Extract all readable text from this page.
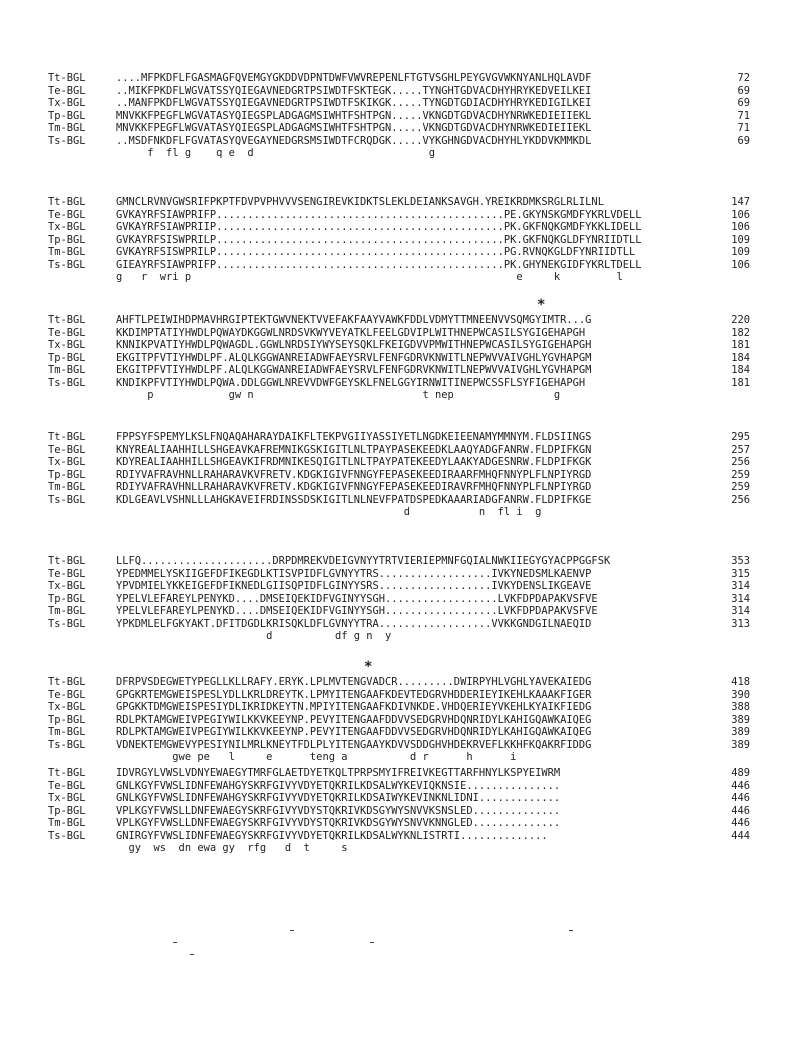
Tt-BGL	....MFPKDFLFGASMAGFQVEMGYGKDDVDPNTDWFVWVREPENLFTGTVSGHLPEYGVGVWKNYANLHQLAVDF	72
Te-BGL	..MIKFPKDFLWGVATSSYQIEGAVNEDGRTPSIWDTFSKTEGK.....TYNGHTGDVACDHYHRYKEDVEILKEI	69
Tx-BGL	..MANFPKDFLWGVATSSYQIEGAVNEDGRTPSIWDTFSKIKGK.....TYNGDTGDIACDHYHRYKEDIGILKEI	69
Tp-BGL	MNVKKFPEGFLWGVATASYQIEGSPLADGAGMSIWHTFSHTPGN.....VKNGDTGDVACDHYNRWKEDIEIIEKL	71
Tm-BGL	MNVKKFPEGFLWGVATASYQIEGSPLADGAGMSIWHTFSHTPGN.....VKNGDTGDVACDHYNRWKEDIEIIEKL	71
Ts-BGL	..MSDFNKDFLFGVATASYQVEGAYNEDGRSMSIWDTFCRQDGK.....VYKGHNGDVACDHYHLYKDDVKMMKDL	69
f  fl g    q e  d                            g
Tt-BGL	GMNCLRVNVGWSRIFPKPTFDVPVPHVVVSENGIREVKIDKTSLEKLDEIANKSAVGH.YREIKRDMKSRGLRLILNL	147
Te-BGL	GVKAYRFSIAWPRIFP..............................................PE.GKYNSKGMDFYKRLVDELL	106
Tx-BGL	GVKAYRFSIAWPRIIP..............................................PK.GKFNQKGMDFYKKLIDELL	106
Tp-BGL	GVKAYRFSISWPRILP..............................................PK.GKFNQKGLDFYNRIIDTLL	109
Tm-BGL	GVKAYRFSISWPRILP..............................................PG.RVNQKGLDFYNRIIDTLL	109
Ts-BGL	GIEAYRFSIAWPRIFP..............................................PK.GHYNEKGIDFYKRLTDELL	106
g   r  wri p                                                    e     k         l
*
Tt-BGL	AHFTLPEIWIHDPMAVHRGIPTEKTGWVNEKTVVEFAKFAAYVAWKFDDLVDMYTTMNEENVVSQMGYIMTR...G	220
Te-BGL	KKDIMPTATIYHWDLPQWAYDKGGWLNRDSVKWYVEYATKLFEELGDVIPLWITHNEPWCASILSYGIGEHAPGH	182
Tx-BGL	KNNIKPVATIYHWDLPQWAGDL.GGWLNRDSIYWYSEYSQKLFKEIGDVVPMWITHNEPWCASILSYGIGEHAPGH	181
Tp-BGL	EKGITPFVTIYHWDLPF.ALQLKGGWANREIADWFAEYSRVLFENFGDRVKNWITLNEPWVVAIVGHLYGVHAPGM	184
Tm-BGL	EKGITPFVTIYHWDLPF.ALQLKGGWANREIADWFAEYSRVLFENFGDRVKNWITLNEPWVVAIVGHLYGVHAPGM	184
Ts-BGL	KNDIKPFVTIYHWDLPQWA.DDLGGWLNREVVDWFGEYSKLFNELGGYIRNWITINEPWCSSFLSYFIGEHAPGH	181
p            gw n                           t nep                g
Tt-BGL	FPPSYFSPEMYLKSLFNQAQAHARAYDAIKFLTEKPVGIIYASSIYETLNGDKEIEENAMYMMNYM.FLDSIINGS	295
Te-BGL	KNYREALIAAHHILLSHGEAVKAFREMNIKGSKIGITLNLTPAYPASEKEEDKLAAQYADGFANRW.FLDPIFKGN	257
Tx-BGL	KDYREALIAAHHILLSHGEAVKIFRDMNIKESQIGITLNLTPAYPATEKEEDYLAAKYADGESNRW.FLDPIFKGK	256
Tp-BGL	RDIYVAFRAVHNLLRAHARAVKVFRETV.KDGKIGIVFNNGYFEPASEKEEDIRAARFMHQFNNYPLFLNPIYRGD	259
Tm-BGL	RDIYVAFRAVHNLLRAHARAVKVFRETV.KDGKIGIVFNNGYFEPASEKEEDIRAVRFMHQFNNYPLFLNPIYRGD	259
Ts-BGL	KDLGEAVLVSHNLLLAHGKAVEIFRDINSSDSKIGITLNLNEVFPATDSPEDKAAARIADGFANRW.FLDPIFKGE	256
d           n  fl i  g
Tt-BGL	LLFQ.....................DRPDMREKVDEIGVNYYTRTVIERIEPMNFGQIALNWKIIEGYGYACPPGGFSK	353
Te-BGL	YPEDMMELYSKIIGEFDFIKEGDLKTISVPIDFLGVNYYTRS..................IVKYNEDSMLKAENVP	315
Tx-BGL	YPVDMIELYKKEIGEFDFIKNEDLGIISQPIDFLGINYYSRS..................IVKYDENSLIKGEAVE	314
Tp-BGL	YPELVLEFAREYLPENYKD....DMSEIQEKIDFVGINYYSGH..................LVKFDPDAPAKVSFVE	314
Tm-BGL	YPELVLEFAREYLPENYKD....DMSEIQEKIDFVGINYYSGH..................LVKFDPDAPAKVSFVE	314
Ts-BGL	YPKDMLELFGKYAKT.DFITDGDLKRISQKLDFLGVNYYTRA..................VVKKGNDGILNAEQID	313
d          df g n  y
*
Tt-BGL	DFRPVSDEGWETYPEGLLKLLRAFY.ERYK.LPLMVTENGVADCR.........DWIRPYHLVGHLYAVEKAIEDG	418
Te-BGL	GPGKRTEMGWEISPESLYDLLKRLDREYTK.LPMYITENGAAFKDEVTEDGRVHDDERIEYIKEHLKAAAKFIGER	390
Tx-BGL	GPGKKTDMGWEISPESIYDLIKRIDKEYTN.MPIYITENGAAFKDIVNKDE.VHDQERIEYVKEHLKYAIKFIEDG	388
Tp-BGL	RDLPKTAMGWEIVPEGIYWILKKVKEEYNP.PEVYITENGAAFDDVVSEDGRVHDQNRIDYLKAHIGQAWKAIQEG	389
Tm-BGL	RDLPKTAMGWEIVPEGIYWILKKVKEEYNP.PEVYITENGAAFDDVVSEDGRVHDQNRIDYLKAHIGQAWKAIQEG	389
Ts-BGL	VDNEKTEMGWEVYPESIYNILMRLKNEYTFDLPLYITENGAAYKDVVSDDGHVHDEKRVEFLKKHFKQAKRFIDDG	389
gwe pe   l     e      teng a          d r      h      i
Tt-BGL	IDVRGYLVWSLVDNYEWAEGYTMRFGLAETDYETKQLTPRPSMYIFREIVKEGTTARFHNYLKSPYEIWRM	489
Te-BGL	GNLKGYFVWSLIDNFEWAHGYSKRFGIVYVDYETQKRILKDSALWYKEVIQKNSIE...............	446
Tx-BGL	GNLKGYFVWSLIDNFEWAHGYSKRFGIVYVDYETQKRILKDSAIWYKEVINKNLIDNI.............	446
Tp-BGL	VPLKGYFVWSLLDNFEWAEGYSKRFGIVYVDYSTQKRIVKDSGYWYSNVVKSNSLED..............	446
Tm-BGL	VPLKGYFVWSLLDNFEWAEGYSKRFGIVYVDYSTQKRIVKDSGYWYSNVVKNNGLED..............	446
Ts-BGL	GNIRGYFVWSLIDNFEWAEGYSKRFGIVYVDYETQKRILKDSALWYKNLISTRTI..............	444
gy  ws  dn ewa gy  rfg   d  t     s
